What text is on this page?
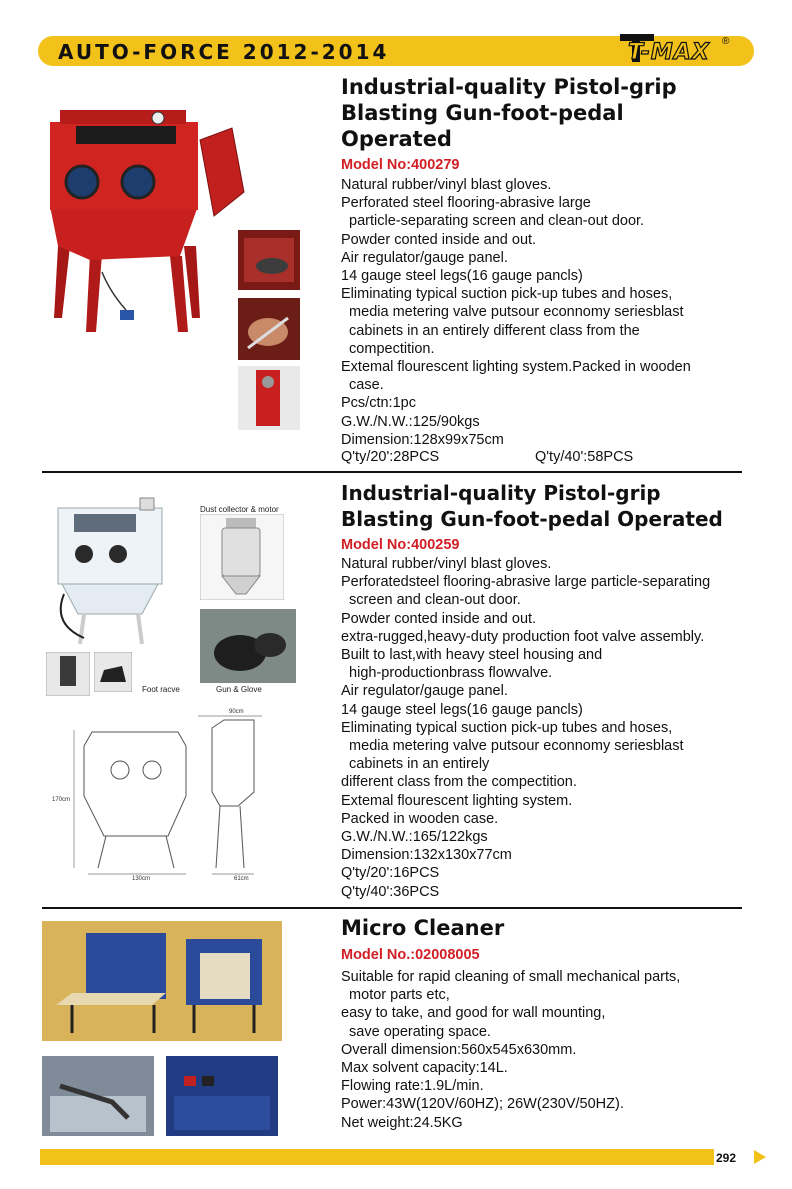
AUTO-FORCE 2012-2014	T-MAX ®
Industrial-quality Pistol-grip
Blasting Gun-foot-pedal
Operated
Model No:400279
Natural rubber/vinyl blast gloves.
Perforated steel flooring-abrasive large
particle-separating screen and clean-out door.
Powder conted inside and out.
Air regulator/gauge panel.
14 gauge steel legs(16 gauge pancls)
Eliminating typical suction pick-up tubes and hoses,
media metering valve putsour econnomy seriesblast
cabinets in an entirely different class from the
compectition.
Extemal flourescent lighting system.Packed in wooden
case.
Pcs/ctn:1pc
G.W./N.W.:125/90kgs
Dimension:128x99x75cm
Q'ty/20':28PCS	Q'ty/40':58PCS
Industrial-quality Pistol-grip
Blasting Gun-foot-pedal Operated
Model No:400259
Natural rubber/vinyl blast gloves.
Perforatedsteel flooring-abrasive large particle-separating
screen and clean-out door.
Powder conted inside and out.
extra-rugged,heavy-duty production foot valve assembly.
Built to last,with heavy steel housing and
high-productionbrass flowvalve.
Air regulator/gauge panel.
14 gauge steel legs(16 gauge pancls)
Eliminating typical suction pick-up tubes and hoses,
media metering valve putsour econnomy seriesblast
cabinets in an entirely
different class from the compectition.
Extemal flourescent lighting system.
Packed in wooden case.
G.W./N.W.:165/122kgs
Dimension:132x130x77cm
Q'ty/20':16PCS
Q'ty/40':36PCS
Dust collector & motor
Gun & Glove
Foot racve
90cm
170cm
130cm	61cm
Micro Cleaner
Model No.:02008005
Suitable for rapid cleaning of small mechanical parts,
motor parts etc,
easy to take, and good for wall mounting,
save operating space.
Overall dimension:560x545x630mm.
Max solvent capacity:14L.
Flowing rate:1.9L/min.
Power:43W(120V/60HZ); 26W(230V/50HZ).
Net weight:24.5KG
292
